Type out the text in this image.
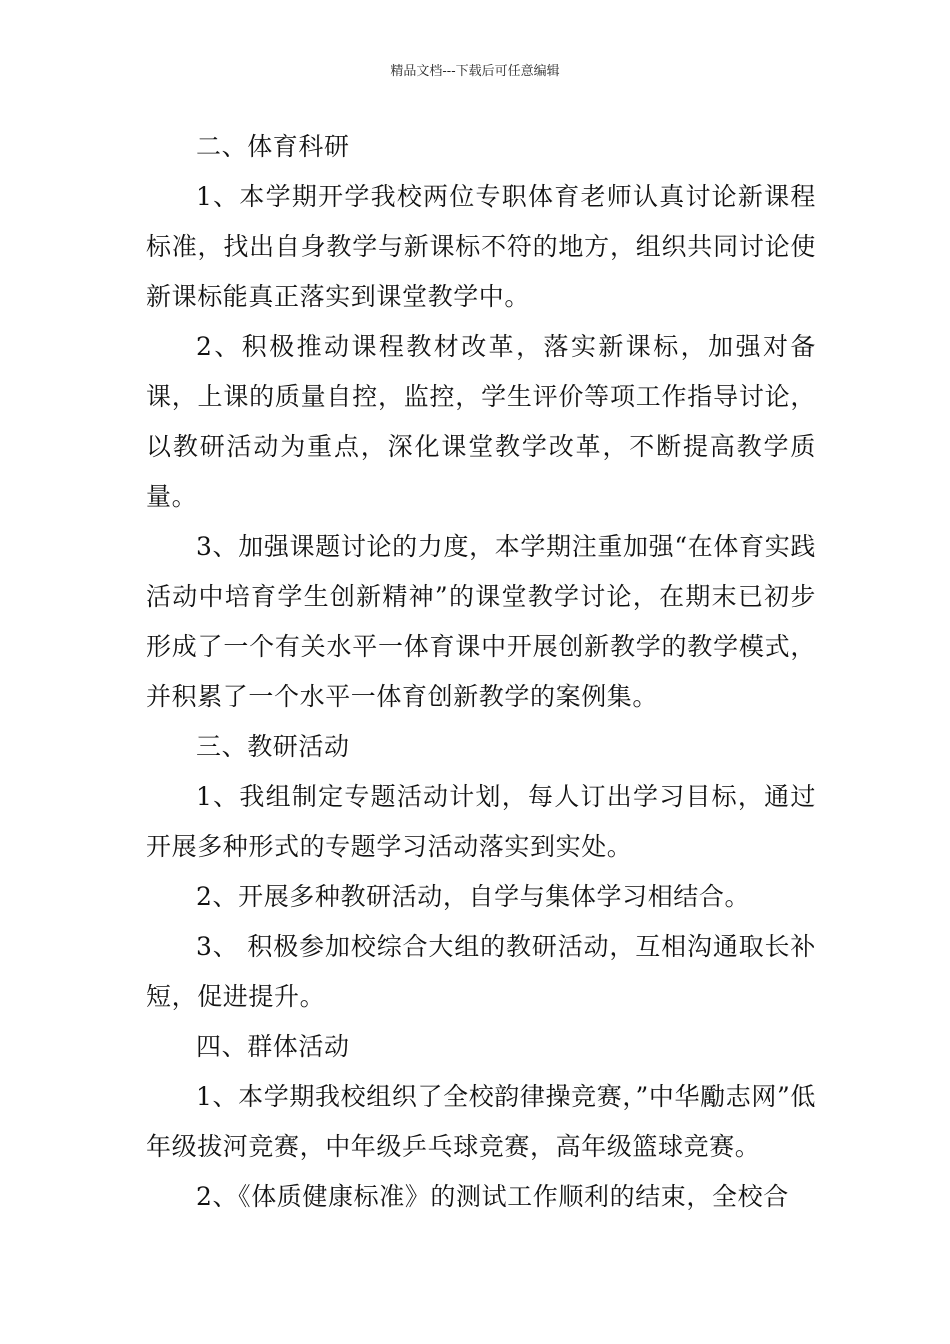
精品文档---下载后可任意编辑

二、体育科研

1、本学期开学我校两位专职体育老师认真讨论新课程标准，找出自身教学与新课标不符的地方，组织共同讨论使新课标能真正落实到课堂教学中。

2、积极推动课程教材改革，落实新课标，加强对备课，上课的质量自控，监控，学生评价等项工作指导讨论，以教研活动为重点，深化课堂教学改革，不断提高教学质量。

3、加强课题讨论的力度，本学期注重加强“在体育实践活动中培育学生创新精神”的课堂教学讨论，在期末已初步形成了一个有关水平一体育课中开展创新教学的教学模式，并积累了一个水平一体育创新教学的案例集。

三、教研活动

1、我组制定专题活动计划，每人订出学习目标，通过开展多种形式的专题学习活动落实到实处。

2、开展多种教研活动，自学与集体学习相结合。

3、 积极参加校综合大组的教研活动，互相沟通取长补短，促进提升。

四、群体活动

1、本学期我校组织了全校韵律操竞赛，”中华勵志网”低年级拔河竞赛，中年级乒乓球竞赛，高年级篮球竞赛。

2、《体质健康标准》的测试工作顺利的结束，全校合
